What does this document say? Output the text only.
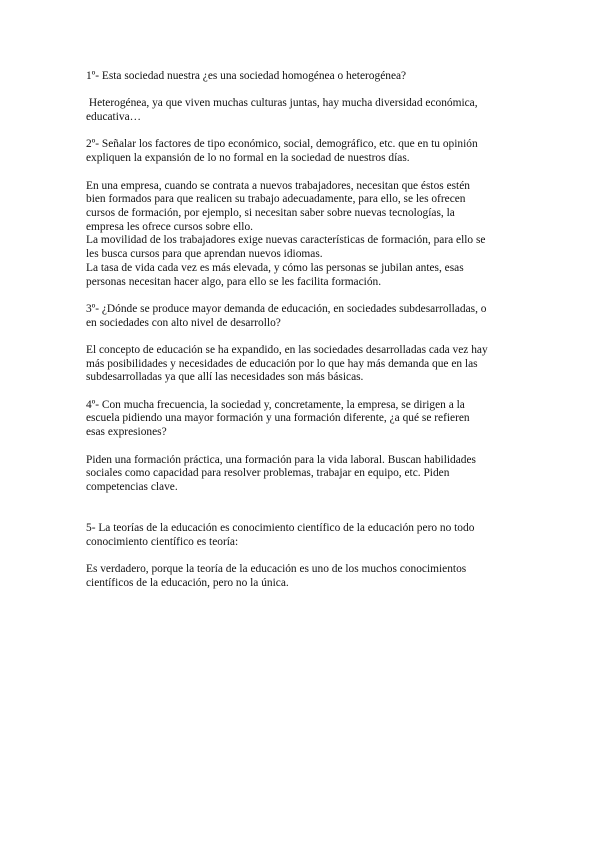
1º- Esta sociedad nuestra ¿es una sociedad homogénea o heterogénea?

Heterogénea, ya que viven muchas culturas juntas, hay mucha diversidad económica,
educativa…

2º- Señalar los factores de tipo económico, social, demográfico, etc. que en tu opinión
expliquen la expansión de lo no formal en la sociedad de nuestros días.

En una empresa, cuando se contrata a nuevos trabajadores, necesitan que éstos estén
bien formados para que realicen su trabajo adecuadamente, para ello, se les ofrecen
cursos de formación, por ejemplo, si necesitan saber sobre nuevas tecnologías, la
empresa les ofrece cursos sobre ello.
La movilidad de los trabajadores exige nuevas características de formación, para ello se
les busca cursos para que aprendan nuevos idiomas.
La tasa de vida cada vez es más elevada, y cómo las personas se jubilan antes, esas
personas necesitan hacer algo, para ello se les facilita formación.

3º- ¿Dónde se produce mayor demanda de educación, en sociedades subdesarrolladas, o
en sociedades con alto nivel de desarrollo?

El concepto de educación se ha expandido, en las sociedades desarrolladas cada vez hay
más posibilidades y necesidades de educación por lo que hay más demanda que en las
subdesarrolladas ya que allí las necesidades son más básicas.

4º- Con mucha frecuencia, la sociedad y, concretamente, la empresa, se dirigen a la
escuela pidiendo una mayor formación y una formación diferente, ¿a qué se refieren
esas expresiones?

Piden una formación práctica, una formación para la vida laboral. Buscan habilidades
sociales como capacidad para resolver problemas, trabajar en equipo, etc. Piden
competencias clave.

5- La teorías de la educación es conocimiento científico de la educación pero no todo
conocimiento científico es teoría:

Es verdadero, porque la teoría de la educación es uno de los muchos conocimientos
científicos de la educación, pero no la única.
